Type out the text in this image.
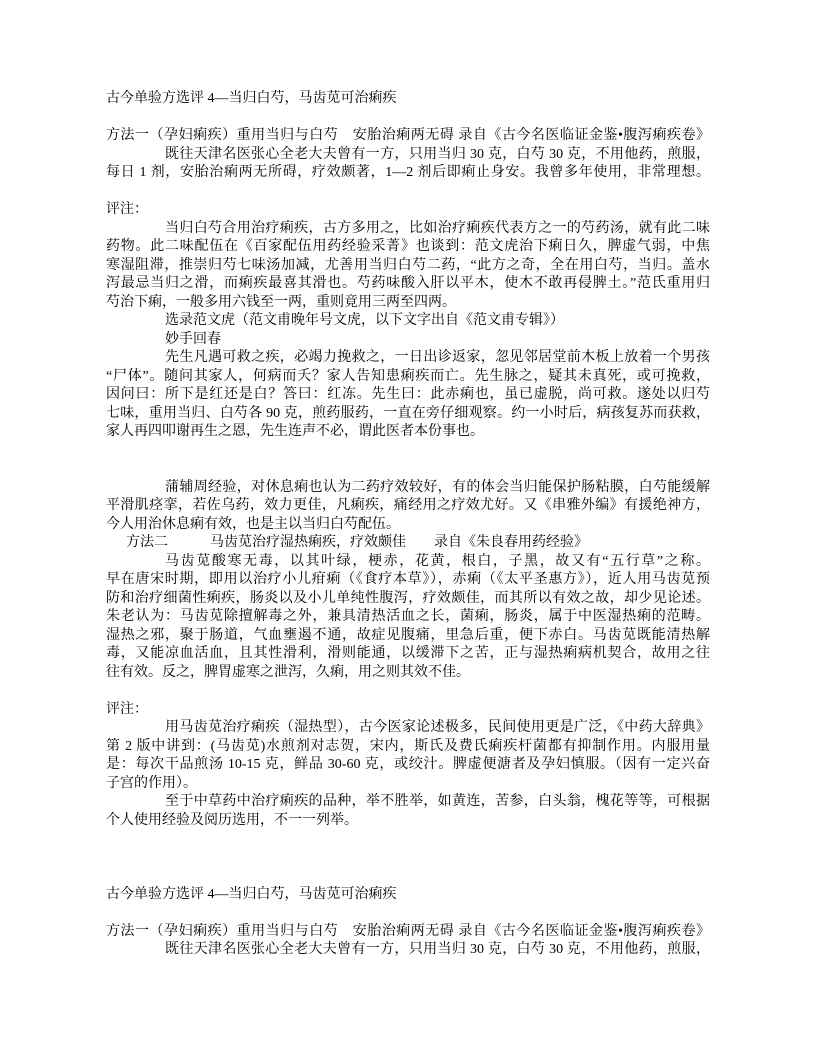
古今单验方选评 4—当归白芍，马齿苋可治痢疾
方法一（孕妇痢疾）重用当归与白芍　安胎治痢两无碍 录自《古今名医临证金鉴•腹泻痢疾卷》
既往天津名医张心全老大夫曾有一方，只用当归 30 克，白芍 30 克，不用他药，煎服，
每日 1 剂，安胎治痢两无所碍，疗效颇著，1—2 剂后即痢止身安。我曾多年使用，非常理想。
评注：
当归白芍合用治疗痢疾，古方多用之，比如治疗痢疾代表方之一的芍药汤，就有此二味
药物。此二味配伍在《百家配伍用药经验采菁》也谈到：范文虎治下痢日久，脾虚气弱，中焦
寒湿阻滞，推崇归芍七味汤加减，尤善用当归白芍二药，“此方之奇，全在用白芍，当归。盖水
泻最忌当归之滑，而痢疾最喜其滑也。芍药味酸入肝以平木，使木不敢再侵脾土。”范氏重用归
芍治下痢，一般多用六钱至一两，重则竟用三两至四两。
选录范文虎（范文甫晚年号文虎，以下文字出自《范文甫专辑》）
妙手回春
先生凡遇可救之疾，必竭力挽救之，一日出诊返家，忽见邻居堂前木板上放着一个男孩
“尸体”。随问其家人，何病而夭？家人告知患痢疾而亡。先生脉之，疑其未真死，或可挽救，
因问曰：所下是红还是白？答曰：红冻。先生曰：此赤痢也，虽已虚脱，尚可救。遂处以归芍
七味，重用当归、白芍各 90 克，煎药服药，一直在旁仔细观察。约一小时后，病孩复苏而获救，
家人再四叩谢再生之恩，先生连声不必，谓此医者本份事也。
蒲辅周经验，对休息痢也认为二药疗效较好，有的体会当归能保护肠粘膜，白芍能缓解
平滑肌痉挛，若佐乌药，效力更佳，凡痢疾，痛经用之疗效尤好。又《串雅外编》有援绝神方，
今人用治休息痢有效，也是主以当归白芍配伍。
方法二　　　马齿苋治疗湿热痢疾，疗效颇佳　　录自《朱良春用药经验》
马齿苋酸寒无毒，以其叶绿，梗赤，花黄，根白，子黑，故又有“五行草”之称。
早在唐宋时期，即用以治疗小儿疳痢（《食疗本草》），赤痢（《太平圣惠方》），近人用马齿苋预
防和治疗细菌性痢疾，肠炎以及小儿单纯性腹泻，疗效颇佳，而其所以有效之故，却少见论述。
朱老认为：马齿苋除擅解毒之外，兼具清热活血之长，菌痢，肠炎，属于中医湿热痢的范畴。
湿热之邪，聚于肠道，气血壅遏不通，故症见腹痛，里急后重，便下赤白。马齿苋既能清热解
毒，又能凉血活血，且其性滑利，滑则能通，以缓滞下之苦，正与湿热痢病机契合，故用之往
往有效。反之，脾胃虚寒之泄泻，久痢，用之则其效不佳。
评注：
用马齿苋治疗痢疾（湿热型），古今医家论述极多，民间使用更是广泛，《中药大辞典》
第 2 版中讲到：(马齿苋)水煎剂对志贺，宋内，斯氏及费氏痢疾杆菌都有抑制作用。内服用量
是：每次干品煎汤 10-15 克，鲜品 30-60 克，或绞汁。脾虚便溏者及孕妇慎服。（因有一定兴奋
子宫的作用）。
至于中草药中治疗痢疾的品种，举不胜举，如黄连，苦参，白头翁，槐花等等，可根据
个人使用经验及阅历选用，不一一列举。
古今单验方选评 4—当归白芍，马齿苋可治痢疾
方法一（孕妇痢疾）重用当归与白芍　安胎治痢两无碍 录自《古今名医临证金鉴•腹泻痢疾卷》
既往天津名医张心全老大夫曾有一方，只用当归 30 克，白芍 30 克，不用他药，煎服，
